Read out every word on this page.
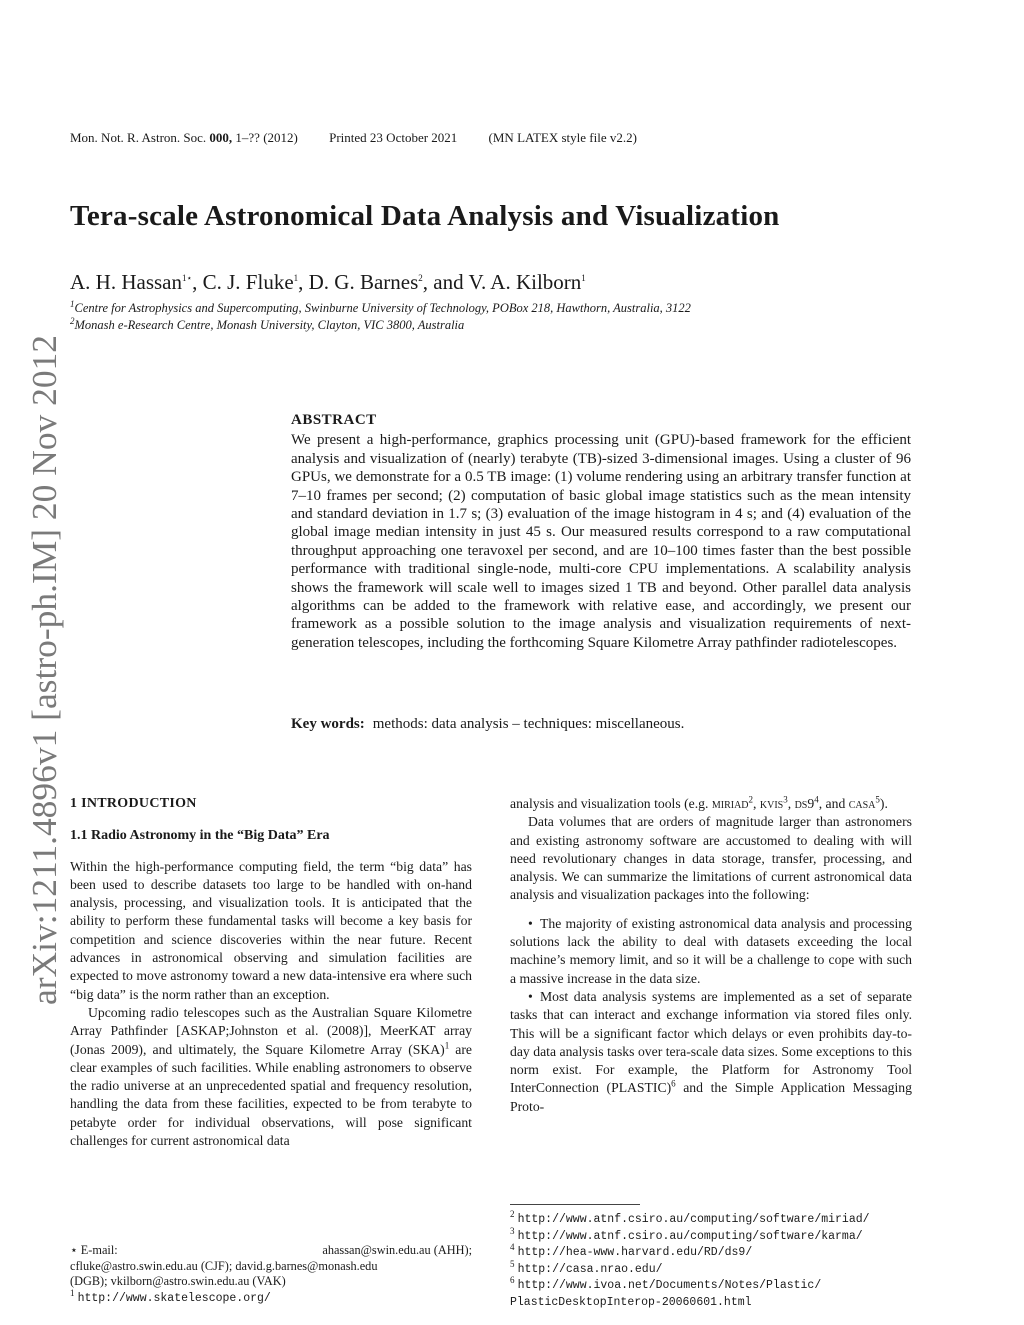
Mon. Not. R. Astron. Soc. 000, 1–?? (2012) Printed 23 October 2021 (MN LATEX style file v2.2)
Tera-scale Astronomical Data Analysis and Visualization
A. H. Hassan$^{1⋆}$, C. J. Fluke$^1$, D. G. Barnes$^2$, and V. A. Kilborn$^1$
$^1$Centre for Astrophysics and Supercomputing, Swinburne University of Technology, POBox 218, Hawthorn, Australia, 3122
$^2$Monash e-Research Centre, Monash University, Clayton, VIC 3800, Australia
arXiv:1211.4896v1 [astro-ph.IM] 20 Nov 2012	ABSTRACT

We present a high-performance, graphics processing unit (GPU)-based framework for the efficient analysis and visualization of (nearly) terabyte (TB)-sized 3-dimensional images. Using a cluster of 96 GPUs, we demonstrate for a 0.5 TB image: (1) volume rendering using an arbitrary transfer function at 7–10 frames per second; (2) computation of basic global image statistics such as the mean intensity and standard deviation in 1.7 s; (3) evaluation of the image histogram in 4 s; and (4) evaluation of the global image median intensity in just 45 s. Our measured results correspond to a raw computational throughput approaching one teravoxel per second, and are 10–100 times faster than the best possible performance with traditional single-node, multi-core CPU implementations. A scalability analysis shows the framework will scale well to images sized 1 TB and beyond. Other parallel data analysis algorithms can be added to the framework with relative ease, and accordingly, we present our framework as a possible solution to the image analysis and visualization requirements of next-generation telescopes, including the forthcoming Square Kilometre Array pathfinder radiotelescopes.

Key words: methods: data analysis – techniques: miscellaneous.
1 INTRODUCTION
1.1 Radio Astronomy in the “Big Data” Era

Within the high-performance computing field, the term “big data” has been used to describe datasets too large to be handled with on-hand analysis, processing, and visualization tools. It is anticipated that the ability to perform these fundamental tasks will become a key basis for competition and science discoveries within the near future. Recent advances in astronomical observing and simulation facilities are expected to move astronomy toward a new data-intensive era where such “big data” is the norm rather than an exception.

Upcoming radio telescopes such as the Australian Square Kilometre Array Pathfinder [ASKAP;Johnston et al. (2008)], MeerKAT array (Jonas 2009), and ultimately, the Square Kilometre Array (SKA)$^1$ are clear examples of such facilities. While enabling astronomers to observe the radio universe at an unprecedented spatial and frequency resolution, handling the data from these facilities, expected to be from terabyte to petabyte order for individual observations, will pose significant challenges for current astronomical data

analysis and visualization tools (e.g. miriad$^2$, kvis$^3$, $ds9^4$, and casa$^5$).

Data volumes that are orders of magnitude larger than astronomers and existing astronomy software are accustomed to dealing with will need revolutionary changes in data storage, transfer, processing, and analysis. We can summarize the limitations of current astronomical data analysis and visualization packages into the following:

• The majority of existing astronomical data analysis and processing solutions lack the ability to deal with datasets exceeding the local machine’s memory limit, and so it will be a challenge to cope with such a massive increase in the data size.
• Most data analysis systems are implemented as a set of separate tasks that can interact and exchange information via stored files only. This will be a significant factor which delays or even prohibits day-to-day data analysis tasks over tera-scale data sizes. Some exceptions to this norm exist. For example, the Platform for Astronomy Tool InterConnection (PLASTIC)$^6$ and the Simple Application Messaging Proto-
⋆ E-mail:	ahassan@swin.edu.au (AHH);
cfluke@astro.swin.edu.au (CJF); david.g.barnes@monash.edu
(DGB); vkilborn@astro.swin.edu.au (VAK)
$^1$ http://www.skatelescope.org/
$^2$ http://www.atnf.csiro.au/computing/software/miriad/
$^3$ http://www.atnf.csiro.au/computing/software/karma/
$^4$ http://hea-www.harvard.edu/RD/ds9/
$^5$ http://casa.nrao.edu/
$^6$ http://www.ivoa.net/Documents/Notes/Plastic/
PlasticDesktopInterop-20060601.html
